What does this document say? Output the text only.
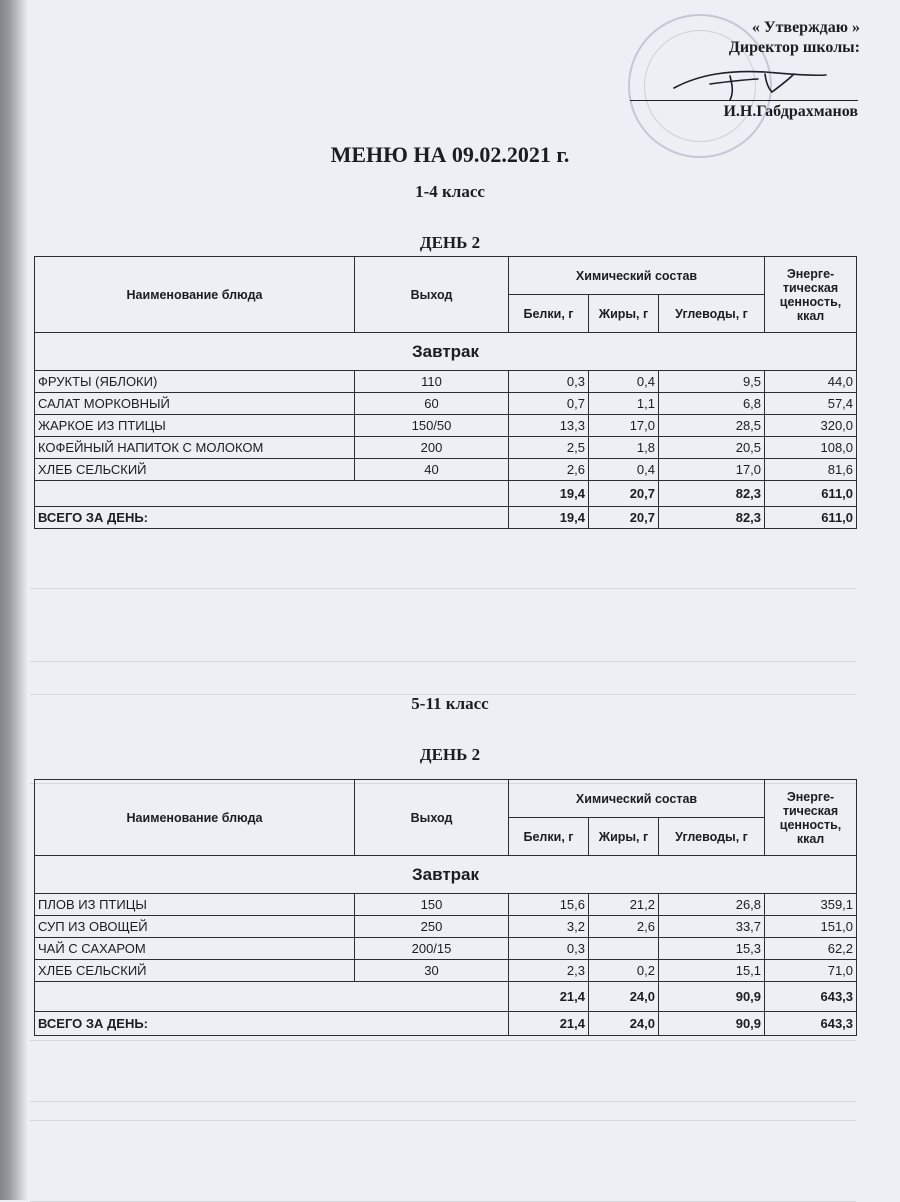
« Утверждаю »
Директор школы:
И.Н.Габдрахманов
МЕНЮ НА 09.02.2021 г.
1-4 класс
ДЕНЬ 2
Наименование блюда	Выход	Химический состав			Энерге-тическая ценность, ккал
		Белки, г	Жиры, г	Углеводы, г	
Завтрак					
ФРУКТЫ (ЯБЛОКИ)	110	0,3	0,4	9,5	44,0
САЛАТ МОРКОВНЫЙ	60	0,7	1,1	6,8	57,4
ЖАРКОЕ ИЗ ПТИЦЫ	150/50	13,3	17,0	28,5	320,0
КОФЕЙНЫЙ НАПИТОК С МОЛОКОМ	200	2,5	1,8	20,5	108,0
ХЛЕБ СЕЛЬСКИЙ	40	2,6	0,4	17,0	81,6
		19,4	20,7	82,3	611,0
ВСЕГО ЗА ДЕНЬ:		19,4	20,7	82,3	611,0
5-11 класс
ДЕНЬ 2
Наименование блюда	Выход	Химический состав			Энерге-тическая ценность, ккал
		Белки, г	Жиры, г	Углеводы, г	
Завтрак					
ПЛОВ ИЗ ПТИЦЫ	150	15,6	21,2	26,8	359,1
СУП ИЗ ОВОЩЕЙ	250	3,2	2,6	33,7	151,0
ЧАЙ С САХАРОМ	200/15	0,3		15,3	62,2
ХЛЕБ СЕЛЬСКИЙ	30	2,3	0,2	15,1	71,0
		21,4	24,0	90,9	643,3
ВСЕГО ЗА ДЕНЬ:		21,4	24,0	90,9	643,3
